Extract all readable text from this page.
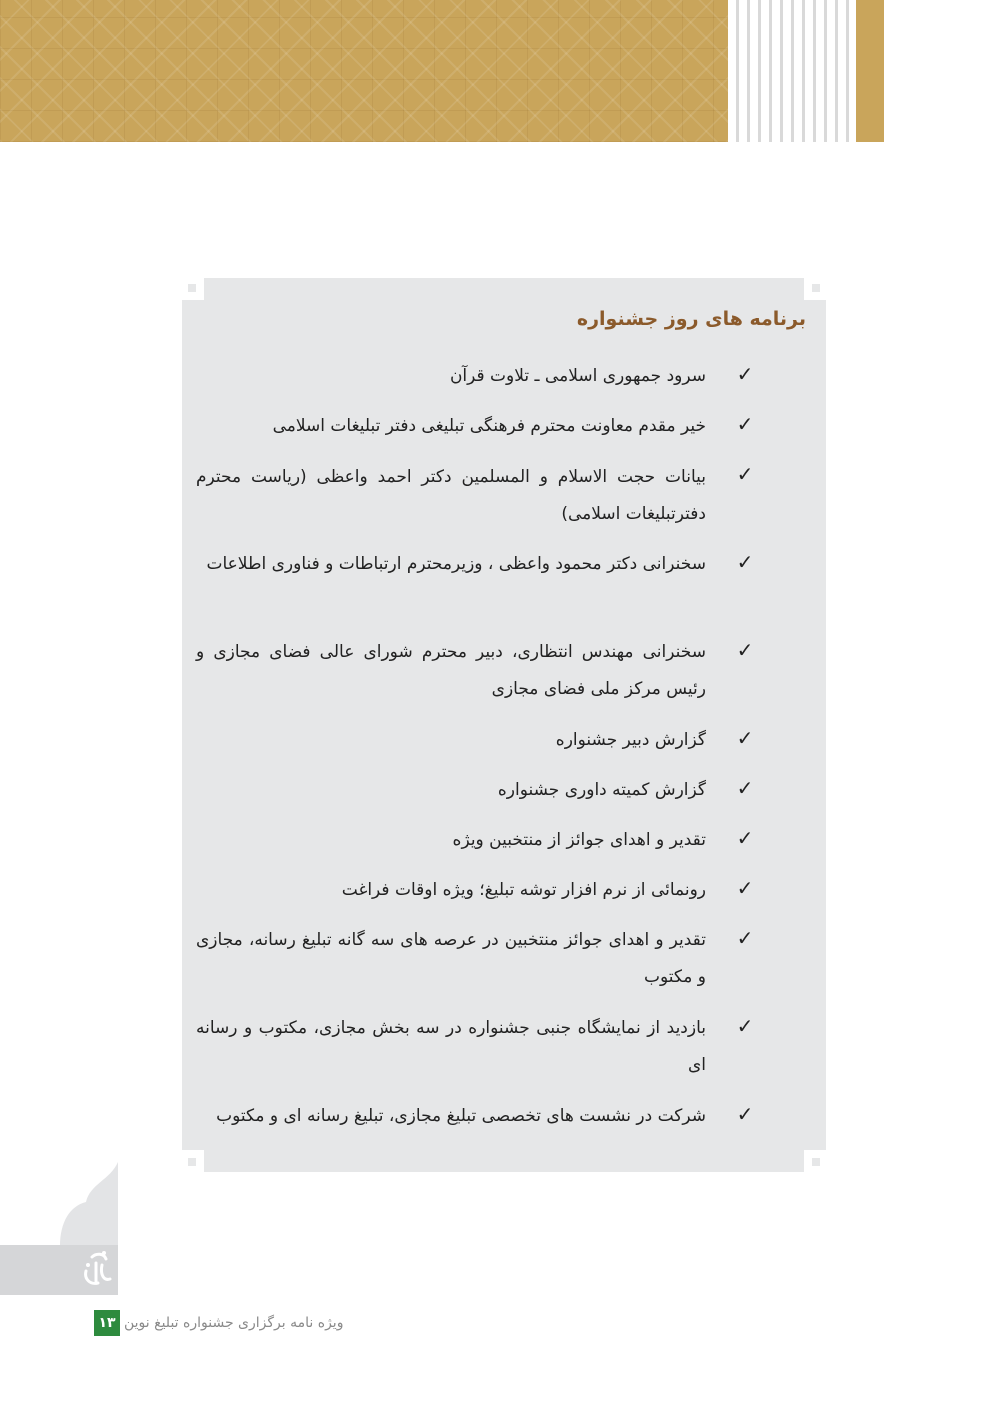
برنامه های روز جشنواره
✓
سرود جمهوری اسلامی ـ تلاوت قرآن
✓
خیر مقدم معاونت محترم فرهنگی تبلیغی دفتر تبلیغات اسلامی
✓
بیانات حجت الاسلام و المسلمین دکتر احمد واعظی (ریاست محترم دفترتبلیغات اسلامی)
✓
سخنرانی دکتر محمود واعظی ، وزیرمحترم ارتباطات و فناوری اطلاعات
✓
سخنرانی مهندس انتظاری، دبیر محترم شورای عالی فضای مجازی و رئیس مرکز ملی فضای مجازی
✓
گزارش دبیر جشنواره
✓
گزارش کمیته داوری جشنواره
✓
تقدیر و اهدای جوائز از منتخبین ویژه
✓
رونمائی از نرم افزار توشه تبلیغ؛ ویژه اوقات فراغت
✓
تقدیر و اهدای جوائز منتخبین در عرصه های سه گانه تبلیغ رسانه، مجازی و مکتوب
✓
بازدید از نمایشگاه جنبی جشنواره در سه بخش مجازی، مکتوب و رسانه ای
✓
شرکت در نشست های تخصصی تبلیغ مجازی، تبلیغ رسانه ای و مکتوب
ویژه نامه برگزاری جشنواره تبلیغ نوین
۱۳
